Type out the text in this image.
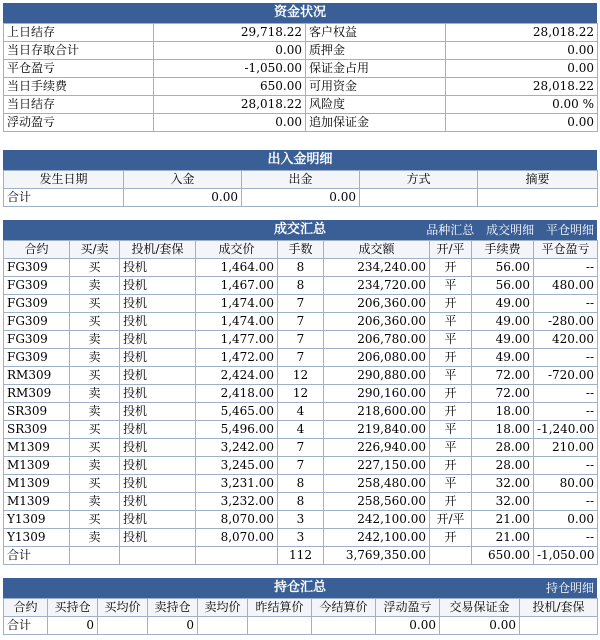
资金状况
上日结存	29,718.22	客户权益	28,018.22
当日存取合计	0.00	质押金	0.00
平仓盈亏	-1,050.00	保证金占用	0.00
当日手续费	650.00	可用资金	28,018.22
当日结存	28,018.22	风险度	0.00 %
浮动盈亏	0.00	追加保证金	0.00
出入金明细
发生日期	入金	出金	方式	摘要
合计	0.00	0.00		
成交汇总	品种汇总 成交明细 平仓明细
合约	买/卖	投机/套保	成交价	手数	成交额	开/平	手续费	平仓盈亏
FG309	买	投机	1,464.00	8	234,240.00	开	56.00	--
FG309	卖	投机	1,467.00	8	234,720.00	平	56.00	480.00
FG309	买	投机	1,474.00	7	206,360.00	开	49.00	--
FG309	买	投机	1,474.00	7	206,360.00	平	49.00	-280.00
FG309	卖	投机	1,477.00	7	206,780.00	平	49.00	420.00
FG309	卖	投机	1,472.00	7	206,080.00	开	49.00	--
RM309	买	投机	2,424.00	12	290,880.00	平	72.00	-720.00
RM309	卖	投机	2,418.00	12	290,160.00	开	72.00	--
SR309	卖	投机	5,465.00	4	218,600.00	开	18.00	--
SR309	买	投机	5,496.00	4	219,840.00	平	18.00	-1,240.00
M1309	买	投机	3,242.00	7	226,940.00	平	28.00	210.00
M1309	卖	投机	3,245.00	7	227,150.00	开	28.00	--
M1309	买	投机	3,231.00	8	258,480.00	平	32.00	80.00
M1309	卖	投机	3,232.00	8	258,560.00	开	32.00	--
Y1309	买	投机	8,070.00	3	242,100.00	开/平	21.00	0.00
Y1309	卖	投机	8,070.00	3	242,100.00	开	21.00	--
合计				112	3,769,350.00		650.00	-1,050.00
持仓汇总	持仓明细
合约	买持仓	买均价	卖持仓	卖均价	昨结算价	今结算价	浮动盈亏	交易保证金	投机/套保
合计	0		0				0.00	0.00	
